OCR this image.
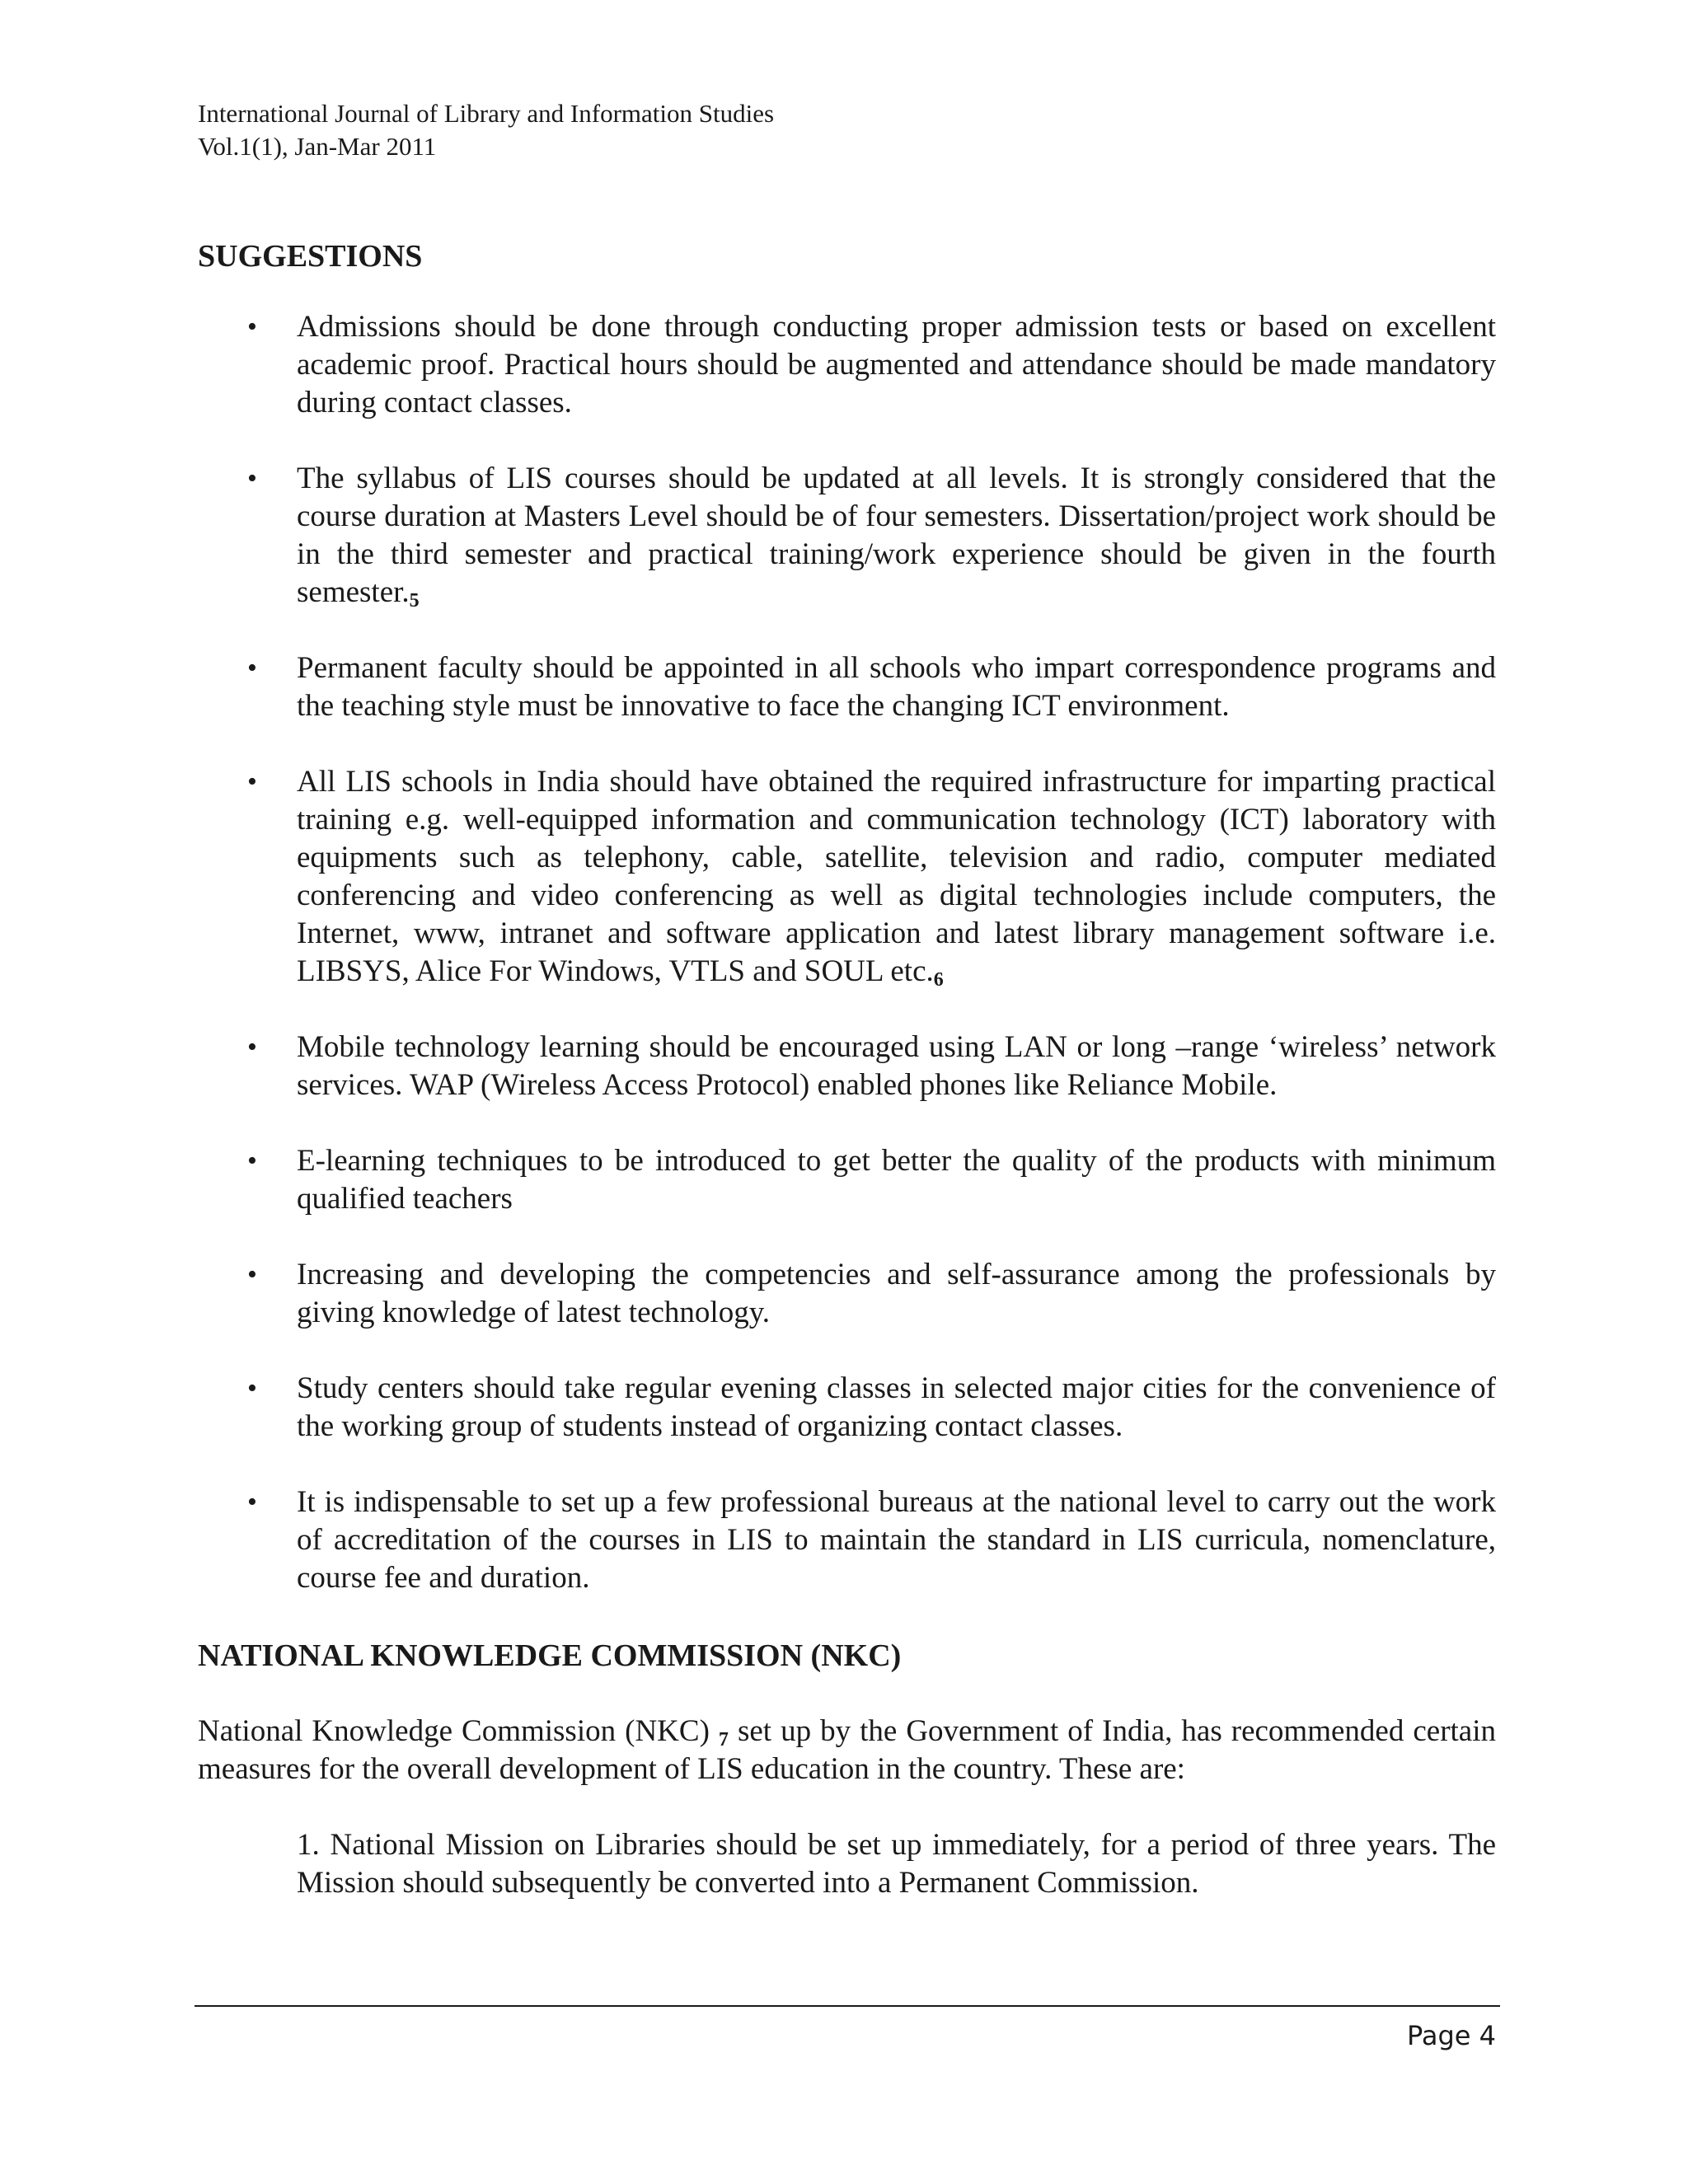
International Journal of Library and Information Studies

Vol.1(1), Jan-Mar 2011

SUGGESTIONS
• Admissions should be done through conducting proper admission tests or based on excellent academic proof. Practical hours should be augmented and attendance should be made mandatory during contact classes.
• The syllabus of LIS courses should be updated at all levels. It is strongly considered that the course duration at Masters Level should be of four semesters. Dissertation/project work should be in the third semester and practical training/work experience should be given in the fourth semester.5
• Permanent faculty should be appointed in all schools who impart correspondence programs and the teaching style must be innovative to face the changing ICT environment.
• All LIS schools in India should have obtained the required infrastructure for imparting practical training e.g. well-equipped information and communication technology (ICT) laboratory with equipments such as telephony, cable, satellite, television and radio, computer mediated conferencing and video conferencing as well as digital technologies include computers, the Internet, www, intranet and software application and latest library management software i.e. LIBSYS, Alice For Windows, VTLS and SOUL etc.6
• Mobile technology learning should be encouraged using LAN or long –range ‘wireless’ network services. WAP (Wireless Access Protocol) enabled phones like Reliance Mobile.
• E-learning techniques to be introduced to get better the quality of the products with minimum qualified teachers
• Increasing and developing the competencies and self-assurance among the professionals by giving knowledge of latest technology.
• Study centers should take regular evening classes in selected major cities for the convenience of the working group of students instead of organizing contact classes.
• It is indispensable to set up a few professional bureaus at the national level to carry out the work of accreditation of the courses in LIS to maintain the standard in LIS curricula, nomenclature, course fee and duration.
NATIONAL KNOWLEDGE COMMISSION (NKC)

National Knowledge Commission (NKC) 7 set up by the Government of India, has recommended certain measures for the overall development of LIS education in the country. These are:

1. National Mission on Libraries should be set up immediately, for a period of three years. The Mission should subsequently be converted into a Permanent Commission.

Page 4
